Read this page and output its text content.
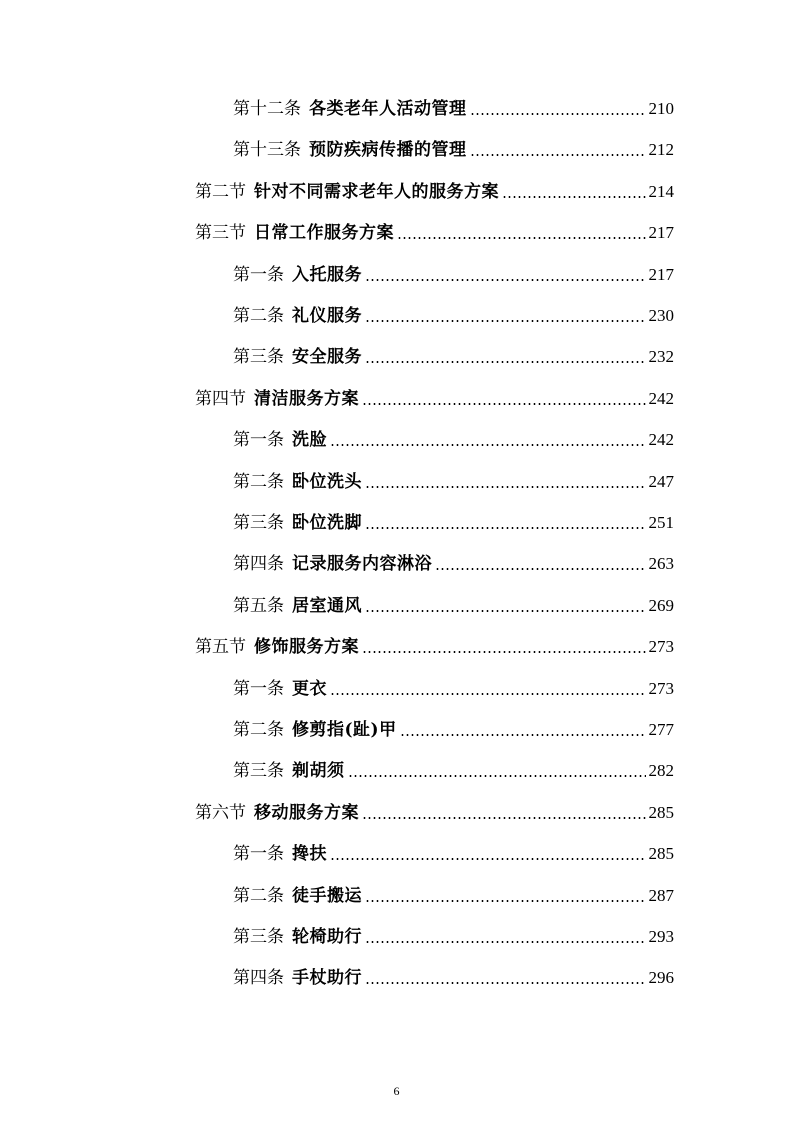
第十二条 各类老年人活动管理	210
第十三条 预防疾病传播的管理	212
第二节 针对不同需求老年人的服务方案	214
第三节 日常工作服务方案	217
第一条 入托服务	217
第二条 礼仪服务	230
第三条 安全服务	232
第四节 清洁服务方案	242
第一条 洗脸	242
第二条 卧位洗头	247
第三条 卧位洗脚	251
第四条 记录服务内容淋浴	263
第五条 居室通风	269
第五节 修饰服务方案	273
第一条 更衣	273
第二条 修剪指(趾)甲	277
第三条 剃胡须	282
第六节 移动服务方案	285
第一条 搀扶	285
第二条 徒手搬运	287
第三条 轮椅助行	293
第四条 手杖助行	296
6
